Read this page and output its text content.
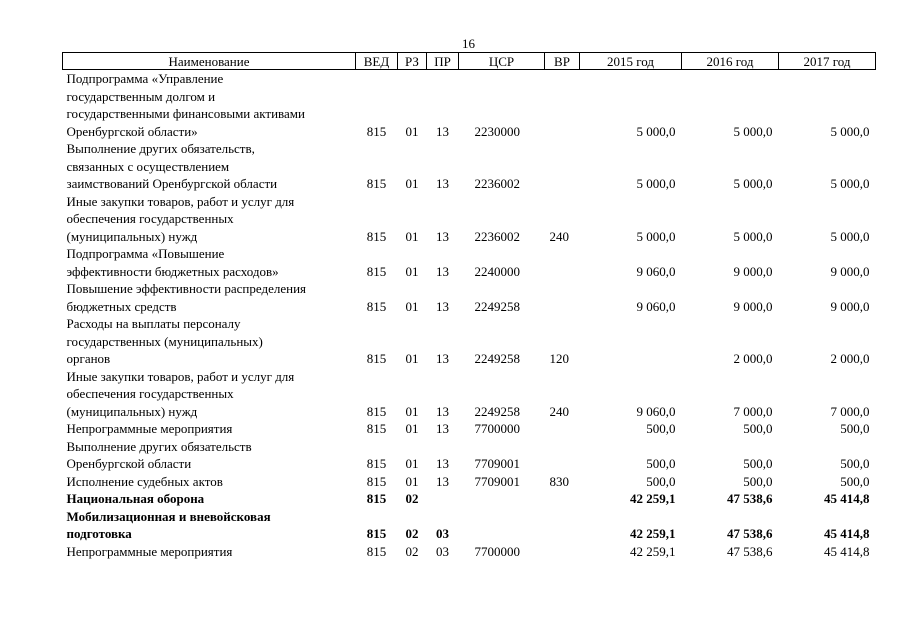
16
Наименование	ВЕД	РЗ	ПР	ЦСР	ВР	2015 год	2016 год	2017 год

Подпрограмма «Управление
государственным долгом и
государственными финансовыми активами
Оренбургской области»	815	01	13	2230000		5 000,0	5 000,0	5 000,0

Выполнение других обязательств,
связанных с осуществлением
заимствований Оренбургской области	815	01	13	2236002		5 000,0	5 000,0	5 000,0

Иные закупки товаров, работ и услуг для
обеспечения государственных
(муниципальных) нужд	815	01	13	2236002	240	5 000,0	5 000,0	5 000,0

Подпрограмма «Повышение
эффективности бюджетных расходов»	815	01	13	2240000		9 060,0	9 000,0	9 000,0

Повышение эффективности распределения
бюджетных средств	815	01	13	2249258		9 060,0	9 000,0	9 000,0

Расходы на выплаты персоналу
государственных (муниципальных)
органов	815	01	13	2249258	120		2 000,0	2 000,0

Иные закупки товаров, работ и услуг для
обеспечения государственных
(муниципальных) нужд	815	01	13	2249258	240	9 060,0	7 000,0	7 000,0

Непрограммные мероприятия	815	01	13	7700000		500,0	500,0	500,0

Выполнение других обязательств
Оренбургской области	815	01	13	7709001		500,0	500,0	500,0

Исполнение судебных актов	815	01	13	7709001	830	500,0	500,0	500,0

Национальная оборона	815	02				42 259,1	47 538,6	45 414,8

Мобилизационная и вневойсковая
подготовка	815	02	03			42 259,1	47 538,6	45 414,8

Непрограммные мероприятия	815	02	03	7700000		42 259,1	47 538,6	45 414,8
